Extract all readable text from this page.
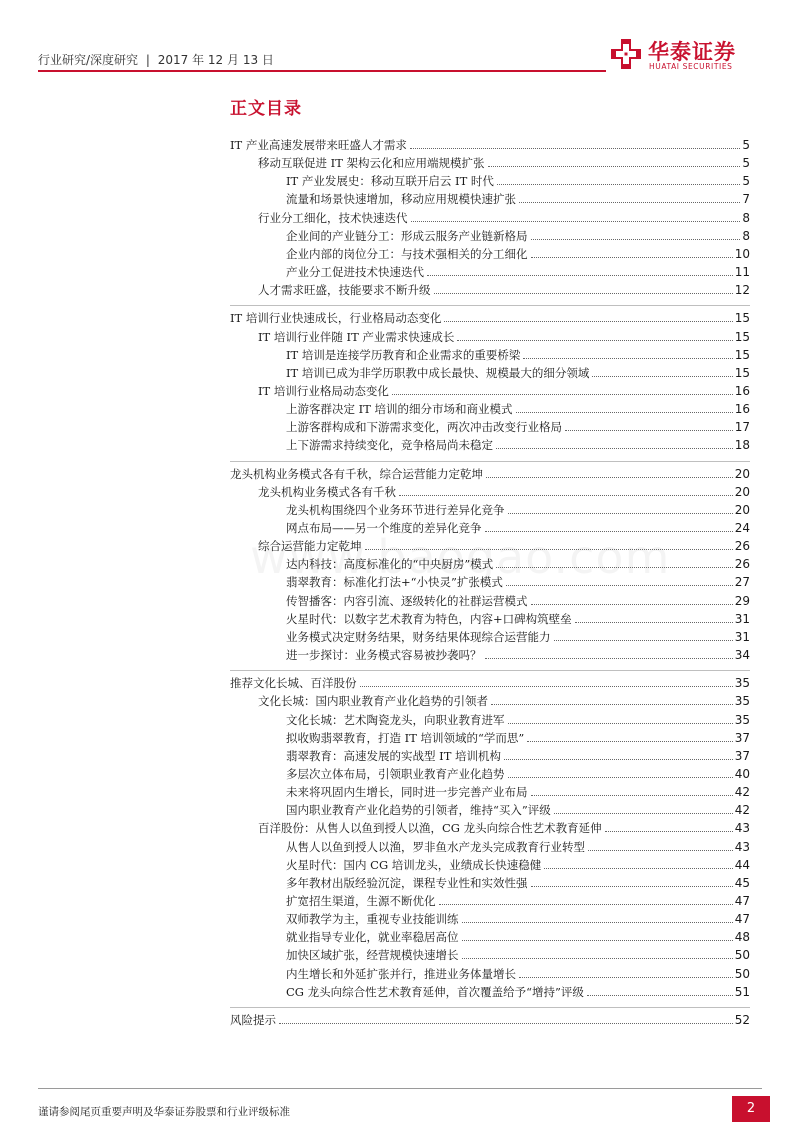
行业研究/深度研究 | 2017 年 12 月 13 日	华泰证券
HUATAI SECURITIES
正文目录
IT 产业高速发展带来旺盛人才需求	5
移动互联促进 IT 架构云化和应用端规模扩张	5
IT 产业发展史：移动互联开启云 IT 时代	5
流量和场景快速增加，移动应用规模快速扩张	7
行业分工细化，技术快速迭代	8
企业间的产业链分工：形成云服务产业链新格局	8
企业内部的岗位分工：与技术强相关的分工细化	10
产业分工促进技术快速迭代	11
人才需求旺盛，技能要求不断升级	12
IT 培训行业快速成长，行业格局动态变化	15
IT 培训行业伴随 IT 产业需求快速成长	15
IT 培训是连接学历教育和企业需求的重要桥梁	15
IT 培训已成为非学历职教中成长最快、规模最大的细分领域	15
IT 培训行业格局动态变化	16
上游客群决定 IT 培训的细分市场和商业模式	16
上游客群构成和下游需求变化，两次冲击改变行业格局	17
上下游需求持续变化，竞争格局尚未稳定	18
龙头机构业务模式各有千秋，综合运营能力定乾坤	20
龙头机构业务模式各有千秋	20
龙头机构围绕四个业务环节进行差异化竞争	20
网点布局——另一个维度的差异化竞争	24
综合运营能力定乾坤	26
达内科技：高度标准化的“中央厨房”模式	26
翡翠教育：标准化打法+“小快灵”扩张模式	27
传智播客：内容引流、逐级转化的社群运营模式	29
火星时代：以数字艺术教育为特色，内容+口碑构筑壁垒	31
业务模式决定财务结果，财务结果体现综合运营能力	31
进一步探讨：业务模式容易被抄袭吗？	34
推荐文化长城、百洋股份	35
文化长城：国内职业教育产业化趋势的引领者	35
文化长城：艺术陶瓷龙头，向职业教育进军	35
拟收购翡翠教育，打造 IT 培训领域的“学而思”	37
翡翠教育：高速发展的实战型 IT 培训机构	37
多层次立体布局，引领职业教育产业化趋势	40
未来将巩固内生增长，同时进一步完善产业布局	42
国内职业教育产业化趋势的引领者，维持“买入”评级	42
百洋股份：从售人以鱼到授人以渔，CG 龙头向综合性艺术教育延伸	43
从售人以鱼到授人以渔，罗非鱼水产龙头完成教育行业转型	43
火星时代：国内 CG 培训龙头，业绩成长快速稳健	44
多年教材出版经验沉淀，课程专业性和实效性强	45
扩宽招生渠道，生源不断优化	47
双师教学为主，重视专业技能训练	47
就业指导专业化，就业率稳居高位	48
加快区域扩张，经营规模快速增长	50
内生增长和外延扩张并行，推进业务体量增长	50
CG 龙头向综合性艺术教育延伸，首次覆盖给予“增持”评级	51
风险提示	52
谨请参阅尾页重要声明及华泰证券股票和行业评级标准	2
